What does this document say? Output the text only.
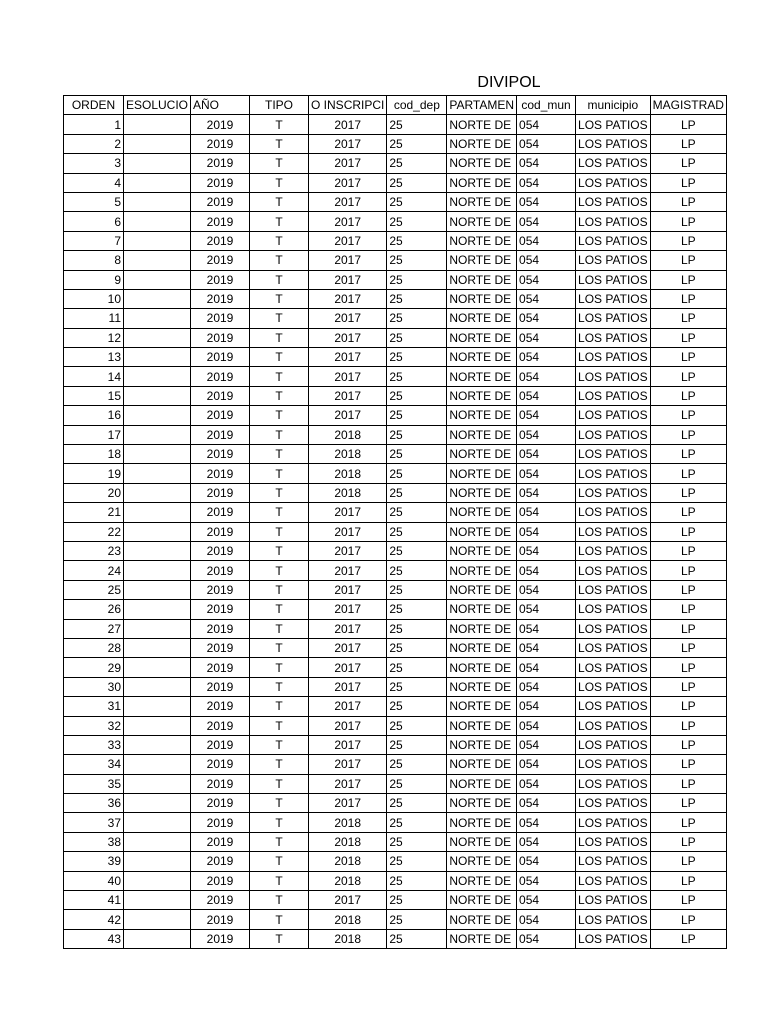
DIVIPOL
ORDEN	ESOLUCIO	AÑO	TIPO	O INSCRIPCI	cod_dep	PARTAMEN	cod_mun	municipio	MAGISTRAD
1		2019	T	2017	25	NORTE DE	054	LOS PATIOS	LP
2		2019	T	2017	25	NORTE DE	054	LOS PATIOS	LP
3		2019	T	2017	25	NORTE DE	054	LOS PATIOS	LP
4		2019	T	2017	25	NORTE DE	054	LOS PATIOS	LP
5		2019	T	2017	25	NORTE DE	054	LOS PATIOS	LP
6		2019	T	2017	25	NORTE DE	054	LOS PATIOS	LP
7		2019	T	2017	25	NORTE DE	054	LOS PATIOS	LP
8		2019	T	2017	25	NORTE DE	054	LOS PATIOS	LP
9		2019	T	2017	25	NORTE DE	054	LOS PATIOS	LP
10		2019	T	2017	25	NORTE DE	054	LOS PATIOS	LP
11		2019	T	2017	25	NORTE DE	054	LOS PATIOS	LP
12		2019	T	2017	25	NORTE DE	054	LOS PATIOS	LP
13		2019	T	2017	25	NORTE DE	054	LOS PATIOS	LP
14		2019	T	2017	25	NORTE DE	054	LOS PATIOS	LP
15		2019	T	2017	25	NORTE DE	054	LOS PATIOS	LP
16		2019	T	2017	25	NORTE DE	054	LOS PATIOS	LP
17		2019	T	2018	25	NORTE DE	054	LOS PATIOS	LP
18		2019	T	2018	25	NORTE DE	054	LOS PATIOS	LP
19		2019	T	2018	25	NORTE DE	054	LOS PATIOS	LP
20		2019	T	2018	25	NORTE DE	054	LOS PATIOS	LP
21		2019	T	2017	25	NORTE DE	054	LOS PATIOS	LP
22		2019	T	2017	25	NORTE DE	054	LOS PATIOS	LP
23		2019	T	2017	25	NORTE DE	054	LOS PATIOS	LP
24		2019	T	2017	25	NORTE DE	054	LOS PATIOS	LP
25		2019	T	2017	25	NORTE DE	054	LOS PATIOS	LP
26		2019	T	2017	25	NORTE DE	054	LOS PATIOS	LP
27		2019	T	2017	25	NORTE DE	054	LOS PATIOS	LP
28		2019	T	2017	25	NORTE DE	054	LOS PATIOS	LP
29		2019	T	2017	25	NORTE DE	054	LOS PATIOS	LP
30		2019	T	2017	25	NORTE DE	054	LOS PATIOS	LP
31		2019	T	2017	25	NORTE DE	054	LOS PATIOS	LP
32		2019	T	2017	25	NORTE DE	054	LOS PATIOS	LP
33		2019	T	2017	25	NORTE DE	054	LOS PATIOS	LP
34		2019	T	2017	25	NORTE DE	054	LOS PATIOS	LP
35		2019	T	2017	25	NORTE DE	054	LOS PATIOS	LP
36		2019	T	2017	25	NORTE DE	054	LOS PATIOS	LP
37		2019	T	2018	25	NORTE DE	054	LOS PATIOS	LP
38		2019	T	2018	25	NORTE DE	054	LOS PATIOS	LP
39		2019	T	2018	25	NORTE DE	054	LOS PATIOS	LP
40		2019	T	2018	25	NORTE DE	054	LOS PATIOS	LP
41		2019	T	2017	25	NORTE DE	054	LOS PATIOS	LP
42		2019	T	2018	25	NORTE DE	054	LOS PATIOS	LP
43		2019	T	2018	25	NORTE DE	054	LOS PATIOS	LP
